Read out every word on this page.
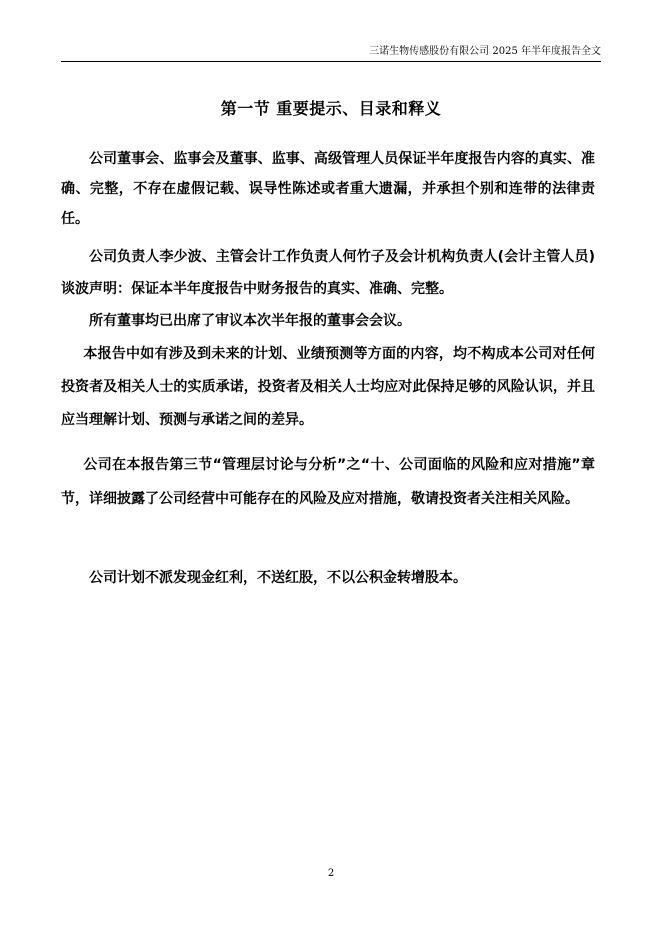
三诺生物传感股份有限公司 2025 年半年度报告全文
第一节 重要提示、目录和释义

公司董事会、监事会及董事、监事、高级管理人员保证半年度报告内容的真实、准确、完整，不存在虚假记载、误导性陈述或者重大遗漏，并承担个别和连带的法律责任。

公司负责人李少波、主管会计工作负责人何竹子及会计机构负责人(会计主管人员)谈波声明：保证本半年度报告中财务报告的真实、准确、完整。

所有董事均已出席了审议本次半年报的董事会会议。

本报告中如有涉及到未来的计划、业绩预测等方面的内容，均不构成本公司对任何投资者及相关人士的实质承诺，投资者及相关人士均应对此保持足够的风险认识，并且应当理解计划、预测与承诺之间的差异。

公司在本报告第三节“管理层讨论与分析”之“十、公司面临的风险和应对措施”章节，详细披露了公司经营中可能存在的风险及应对措施，敬请投资者关注相关风险。

公司计划不派发现金红利，不送红股，不以公积金转增股本。

2
